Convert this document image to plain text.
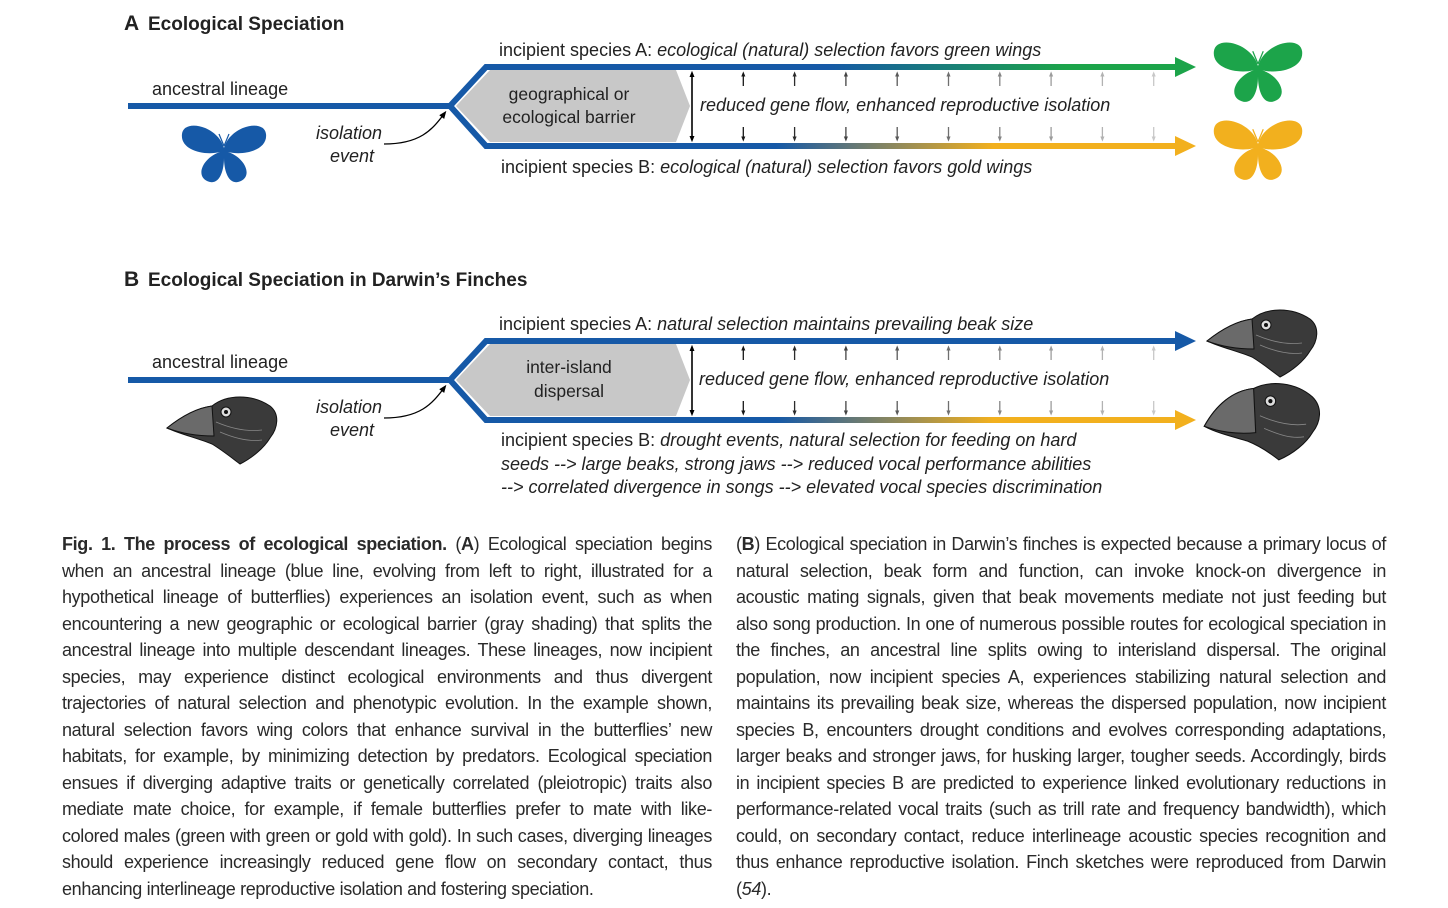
A Ecological Speciation
geographical or
ecological barrier
reduced gene flow, enhanced reproductive isolation
ancestral lineage
isolation
event
incipient species A: ecological (natural) selection favors green wings
incipient species B: ecological (natural) selection favors gold wings
B Ecological Speciation in Darwin’s Finches
inter-island
dispersal
reduced gene flow, enhanced reproductive isolation
ancestral lineage
isolation
event
incipient species A: natural selection maintains prevailing beak size
incipient species B: drought events, natural selection for feeding on hard
seeds --> large beaks, strong jaws --> reduced vocal performance abilities
--> correlated divergence in songs --> elevated vocal species discrimination
Fig. 1. The process of ecological speciation. (A) Ecological speciation begins when an ancestral lineage (blue line, evolving from left to right, illustrated for a hypothetical lineage of butterflies) experiences an isolation event, such as when encountering a new geographic or ecological barrier (gray shading) that splits the ancestral lineage into multiple descendant lineages. These lineages, now incipient species, may experience distinct ecological environments and thus divergent trajectories of natural selection and phenotypic evolution. In the example shown, natural selection favors wing colors that enhance survival in the butterflies’ new habitats, for example, by minimizing detection by predators. Ecological speciation ensues if diverging adaptive traits or genetically correlated (pleiotropic) traits also mediate mate choice, for example, if female butterflies prefer to mate with like-colored males (green with green or gold with gold). In such cases, diverging lineages should experience increasingly reduced gene flow on secondary contact, thus enhancing interlineage reproductive isolation and fostering speciation.
(B) Ecological speciation in Darwin’s finches is expected because a primary locus of natural selection, beak form and function, can invoke knock-on divergence in acoustic mating signals, given that beak movements mediate not just feeding but also song production. In one of numerous possible routes for ecological speciation in the finches, an ancestral line splits owing to interisland dispersal. The original population, now incipient species A, experiences stabilizing natural selection and maintains its prevailing beak size, whereas the dispersed population, now incipient species B, encounters drought conditions and evolves corresponding adaptations, larger beaks and stronger jaws, for husking larger, tougher seeds. Accordingly, birds in incipient species B are predicted to experience linked evolutionary reductions in performance-related vocal traits (such as trill rate and frequency bandwidth), which could, on secondary contact, reduce interlineage acoustic species recognition and thus enhance reproductive isolation. Finch sketches were reproduced from Darwin (54).
